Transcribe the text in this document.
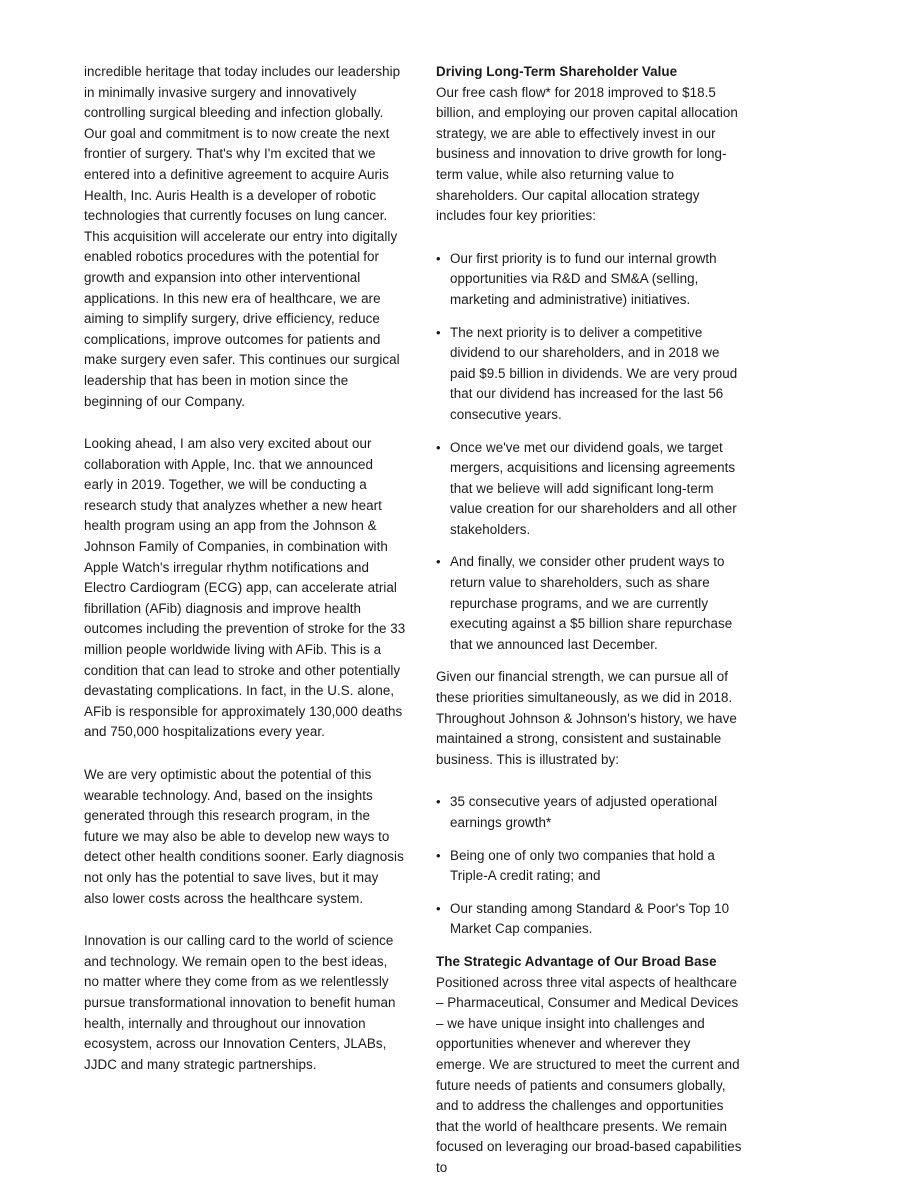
incredible heritage that today includes our leadership in minimally invasive surgery and innovatively controlling surgical bleeding and infection globally. Our goal and commitment is to now create the next frontier of surgery. That's why I'm excited that we entered into a definitive agreement to acquire Auris Health, Inc. Auris Health is a developer of robotic technologies that currently focuses on lung cancer. This acquisition will accelerate our entry into digitally enabled robotics procedures with the potential for growth and expansion into other interventional applications. In this new era of healthcare, we are aiming to simplify surgery, drive efficiency, reduce complications, improve outcomes for patients and make surgery even safer. This continues our surgical leadership that has been in motion since the beginning of our Company.

Looking ahead, I am also very excited about our collaboration with Apple, Inc. that we announced early in 2019. Together, we will be conducting a research study that analyzes whether a new heart health program using an app from the Johnson & Johnson Family of Companies, in combination with Apple Watch's irregular rhythm notifications and Electro Cardiogram (ECG) app, can accelerate atrial fibrillation (AFib) diagnosis and improve health outcomes including the prevention of stroke for the 33 million people worldwide living with AFib. This is a condition that can lead to stroke and other potentially devastating complications. In fact, in the U.S. alone, AFib is responsible for approximately 130,000 deaths and 750,000 hospitalizations every year.

We are very optimistic about the potential of this wearable technology. And, based on the insights generated through this research program, in the future we may also be able to develop new ways to detect other health conditions sooner. Early diagnosis not only has the potential to save lives, but it may also lower costs across the healthcare system.

Innovation is our calling card to the world of science and technology. We remain open to the best ideas, no matter where they come from as we relentlessly pursue transformational innovation to benefit human health, internally and throughout our innovation ecosystem, across our Innovation Centers, JLABs, JJDC and many strategic partnerships.

Driving Long-Term Shareholder Value

Our free cash flow* for 2018 improved to $18.5 billion, and employing our proven capital allocation strategy, we are able to effectively invest in our business and innovation to drive growth for long-term value, while also returning value to shareholders. Our capital allocation strategy includes four key priorities:

• Our first priority is to fund our internal growth opportunities via R&D and SM&A (selling, marketing and administrative) initiatives.
• The next priority is to deliver a competitive dividend to our shareholders, and in 2018 we paid $9.5 billion in dividends. We are very proud that our dividend has increased for the last 56 consecutive years.
• Once we've met our dividend goals, we target mergers, acquisitions and licensing agreements that we believe will add significant long-term value creation for our shareholders and all other stakeholders.
• And finally, we consider other prudent ways to return value to shareholders, such as share repurchase programs, and we are currently executing against a $5 billion share repurchase that we announced last December.

Given our financial strength, we can pursue all of these priorities simultaneously, as we did in 2018. Throughout Johnson & Johnson's history, we have maintained a strong, consistent and sustainable business. This is illustrated by:

• 35 consecutive years of adjusted operational earnings growth*
• Being one of only two companies that hold a Triple-A credit rating; and
• Our standing among Standard & Poor's Top 10 Market Cap companies.
The Strategic Advantage of Our Broad Base

Positioned across three vital aspects of healthcare – Pharmaceutical, Consumer and Medical Devices – we have unique insight into challenges and opportunities whenever and wherever they emerge. We are structured to meet the current and future needs of patients and consumers globally, and to address the challenges and opportunities that the world of healthcare presents. We remain focused on leveraging our broad-based capabilities to
